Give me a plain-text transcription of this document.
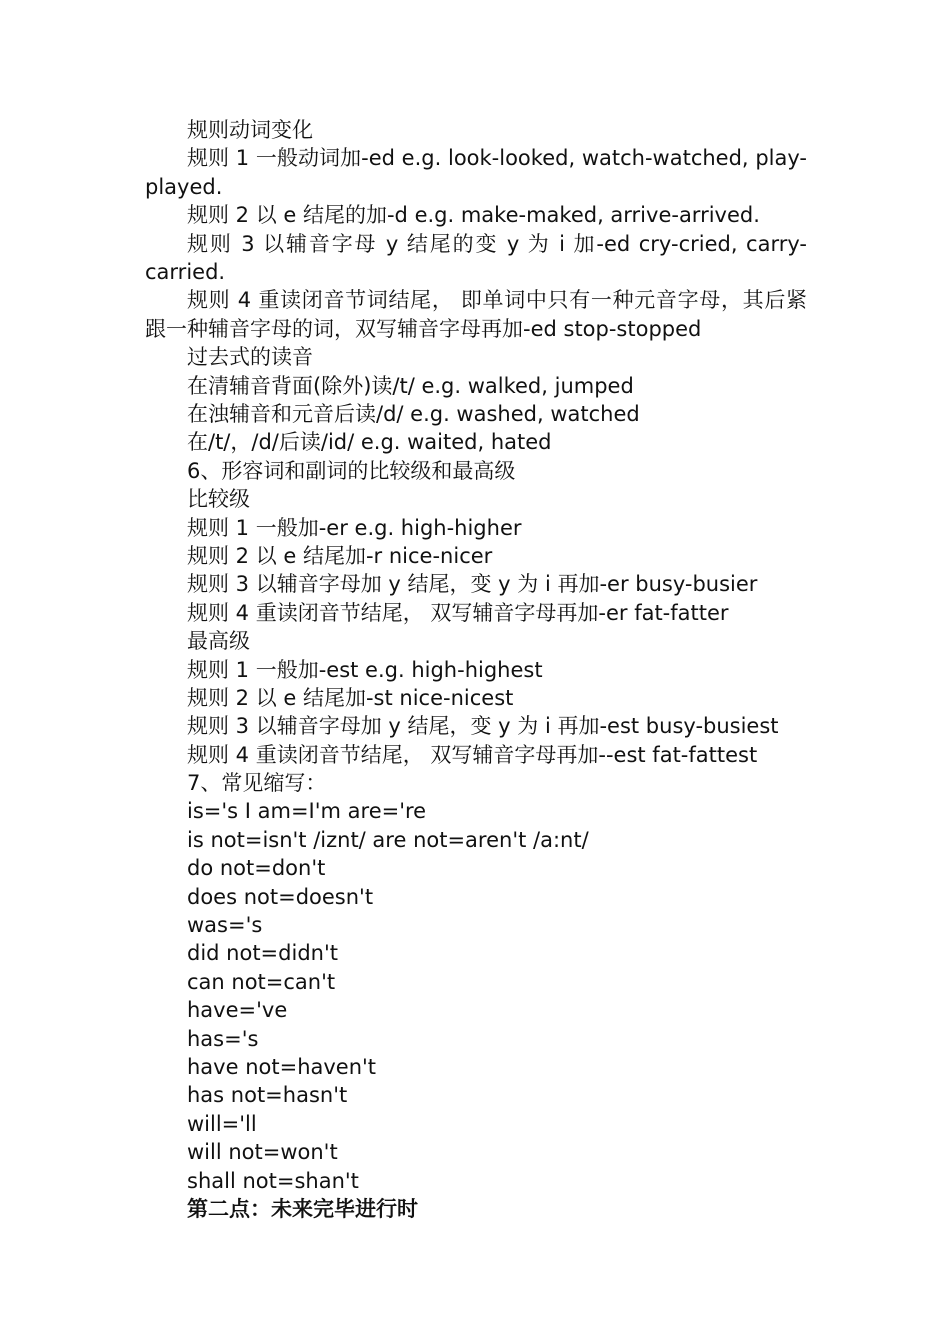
规则动词变化
规则 1 一般动词加-ed e.g. look-looked, watch-watched, play-played.
规则 2 以 e 结尾的加-d e.g. make-maked, arrive-arrived.
规则 3 以辅音字母 y 结尾的变 y 为 i 加-ed cry-cried, carry-carried.
规则 4 重读闭音节词结尾， 即单词中只有一种元音字母，其后紧跟一种辅音字母的词，双写辅音字母再加-ed stop-stopped
过去式的读音
在清辅音背面(除外)读/t/ e.g. walked, jumped
在浊辅音和元音后读/d/ e.g. washed, watched
在/t/，/d/后读/id/ e.g. waited, hated
6、形容词和副词的比较级和最高级
比较级
规则 1 一般加-er e.g. high-higher
规则 2 以 e 结尾加-r nice-nicer
规则 3 以辅音字母加 y 结尾，变 y 为 i 再加-er busy-busier
规则 4 重读闭音节结尾， 双写辅音字母再加-er fat-fatter
最高级
规则 1 一般加-est e.g. high-highest
规则 2 以 e 结尾加-st nice-nicest
规则 3 以辅音字母加 y 结尾，变 y 为 i 再加-est busy-busiest
规则 4 重读闭音节结尾， 双写辅音字母再加--est fat-fattest
7、常见缩写：
is='s I am=I'm are='re
is not=isn't /iznt/ are not=aren't /a:nt/
do not=don't
does not=doesn't
was='s
did not=didn't
can not=can't
have='ve
has='s
have not=haven't
has not=hasn't
will='ll
will not=won't
shall not=shan't
第二点：未来完毕进行时
